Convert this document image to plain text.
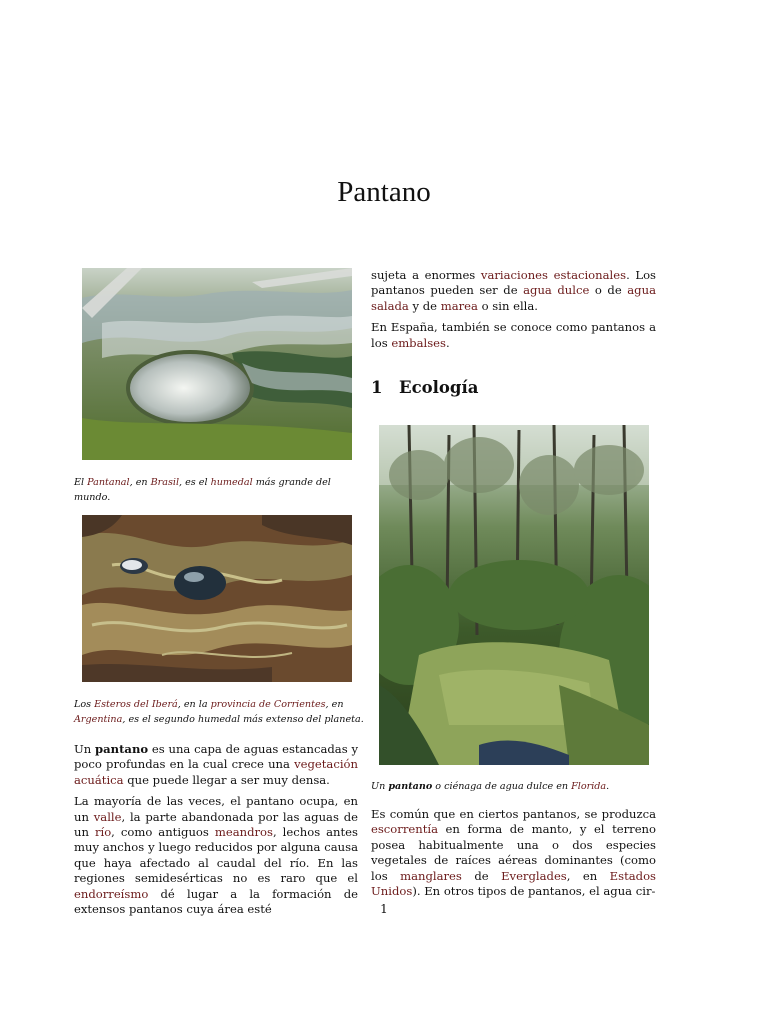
Pantano
El Pantanal, en Brasil, es el humedal más grande del mundo.
Los Esteros del Iberá, en la provincia de Corrientes, en Argentina, es el segundo humedal más extenso del planeta.

Un pantano es una capa de aguas estancadas y poco profundas en la cual crece una vegetación acuática que puede llegar a ser muy densa.

La mayoría de las veces, el pantano ocupa, en un valle, la parte abandonada por las aguas de un río, como antiguos meandros, lechos antes muy anchos y luego reducidos por alguna causa que haya afectado al caudal del río. En las regiones semidesérticas no es raro que el endorreísmo dé lugar a la formación de extensos pantanos cuya área esté

sujeta a enormes variaciones estacionales. Los pantanos pueden ser de agua dulce o de agua salada y de marea o sin ella.

En España, también se conoce como pantanos a los embalses.

1 Ecología
Un pantano o ciénaga de agua dulce en Florida.

Es común que en ciertos pantanos, se produzca escorrentía en forma de manto, y el terreno posea habitualmente una o dos especies vegetales de raíces aéreas dominantes (como los manglares de Everglades, en Estados Unidos). En otros tipos de pantanos, el agua cir-

1
